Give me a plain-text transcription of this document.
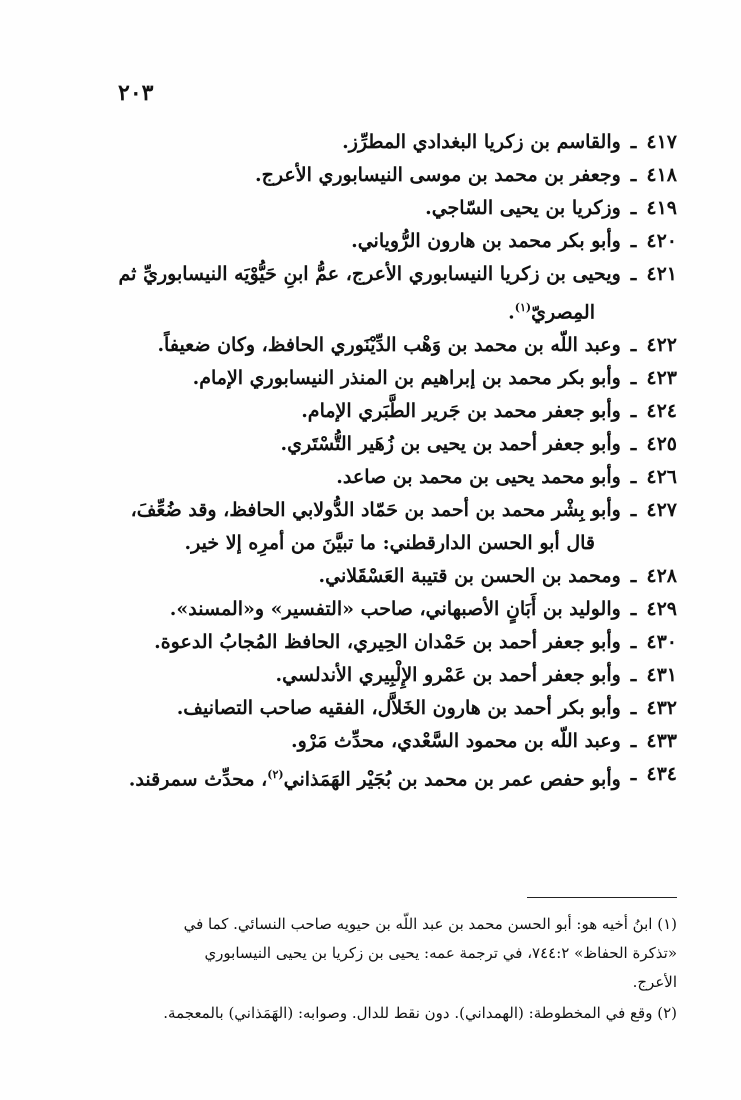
٢٠٣
٤١٧
ـ
والقاسم بن زكريا البغدادي المطرِّز.
٤١٨
ـ
وجعفر بن محمد بن موسى النيسابوري الأعرج.
٤١٩
ـ
وزكريا بن يحيى السّاجي.
٤٢٠
ـ
وأبو بكر محمد بن هارون الرُّوياني.
٤٢١
ـ
ويحيى بن زكريا النيسابوري الأعرج، عمُّ ابنِ حَيُّوْيَه النيسابوريِّ ثم
المِصريّ$^{(١)}$.
٤٢٢
ـ
وعبد اللّه بن محمد بن وَهْب الدِّيْنَوري الحافظ، وكان ضعيفاً.
٤٢٣
ـ
وأبو بكر محمد بن إبراهيم بن المنذر النيسابوري الإمام.
٤٢٤
ـ
وأبو جعفر محمد بن جَرير الطَّبَري الإمام.
٤٢٥
ـ
وأبو جعفر أحمد بن يحيى بن زُهَير التُّسْتَري.
٤٢٦
ـ
وأبو محمد يحيى بن محمد بن صاعد.
٤٢٧
ـ
وأبو بِشْر محمد بن أحمد بن حَمّاد الدُّولابي الحافظ، وقد ضُعِّفَ،
قال أبو الحسن الدارقطني: ما تبيَّنَ من أمرِه إلا خير.
٤٢٨
ـ
ومحمد بن الحسن بن قتيبة العَسْقَلاني.
٤٢٩
ـ
والوليد بن أَبَانٍ الأصبهاني، صاحب «التفسير» و«المسند».
٤٣٠
ـ
وأبو جعفر أحمد بن حَمْدان الحِيري، الحافظ المُجابُ الدعوة.
٤٣١
ـ
وأبو جعفر أحمد بن عَمْرو الإِلْبِيري الأندلسي.
٤٣٢
ـ
وأبو بكر أحمد بن هارون الخَلاَّل، الفقيه صاحب التصانيف.
٤٣٣
ـ
وعبد اللّه بن محمود السَّعْدي، محدِّث مَرْو.
٤٣٤
ـ
وأبو حفص عمر بن محمد بن بُجَيْر الهَمَذاني$^{(٢)}$، محدِّث سمرقند.
(١) ابنُ أخيه هو: أبو الحسن محمد بن عبد اللّه بن حيويه صاحب النسائي. كما في
«تذكرة الحفاظ» ٧٤٤:٢، في ترجمة عمه: يحيى بن زكريا بن يحيى النيسابوري
الأعرج.
(٢) وقع في المخطوطة: (الهمداني). دون نقط للدال. وصوابه: (الهَمَذاني) بالمعجمة.
